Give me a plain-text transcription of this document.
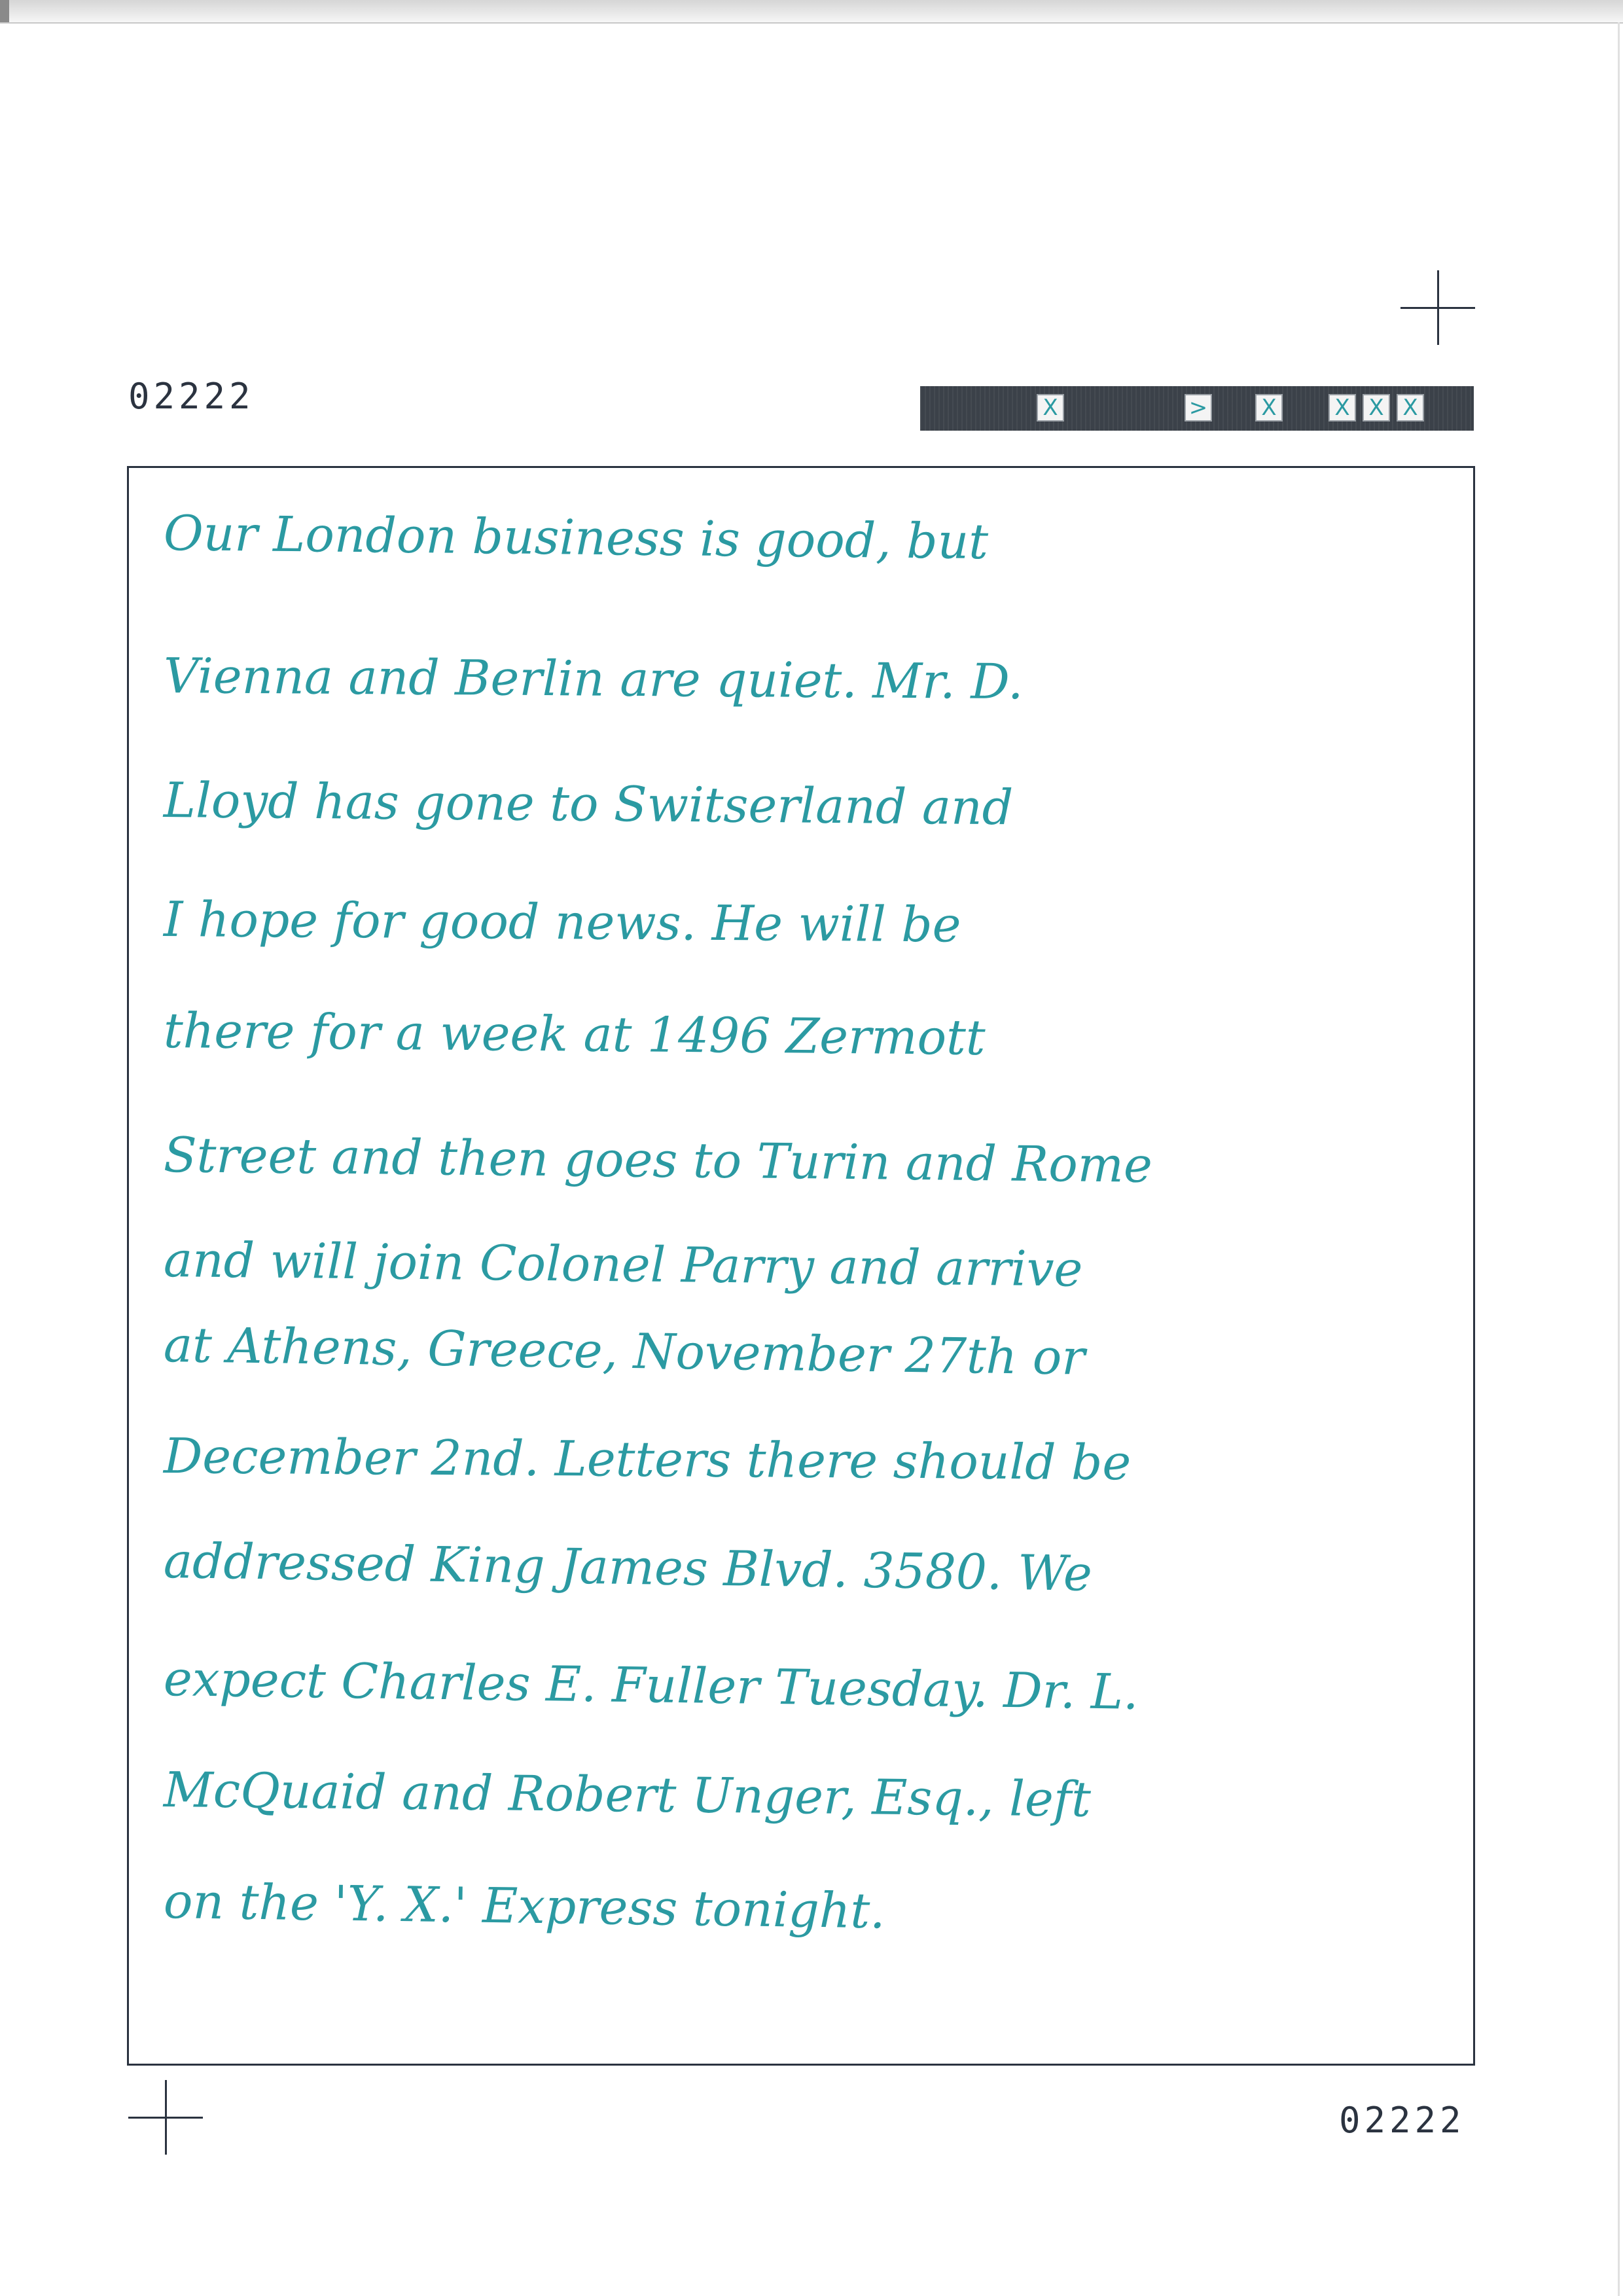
02222
02222
X	> X	X X X
Our London business is good, but
Vienna and Berlin are quiet. Mr. D.
Lloyd has gone to Switserland and
I hope for good news. He will be
there for a week at 1496 Zermott
Street and then goes to Turin and Rome
and will join Colonel Parry and arrive
at Athens, Greece, November 27th or
December 2nd. Letters there should be
addressed King James Blvd. 3580. We
expect Charles E. Fuller Tuesday. Dr. L.
McQuaid and Robert Unger, Esq., left
on the 'Y. X.' Express tonight.
